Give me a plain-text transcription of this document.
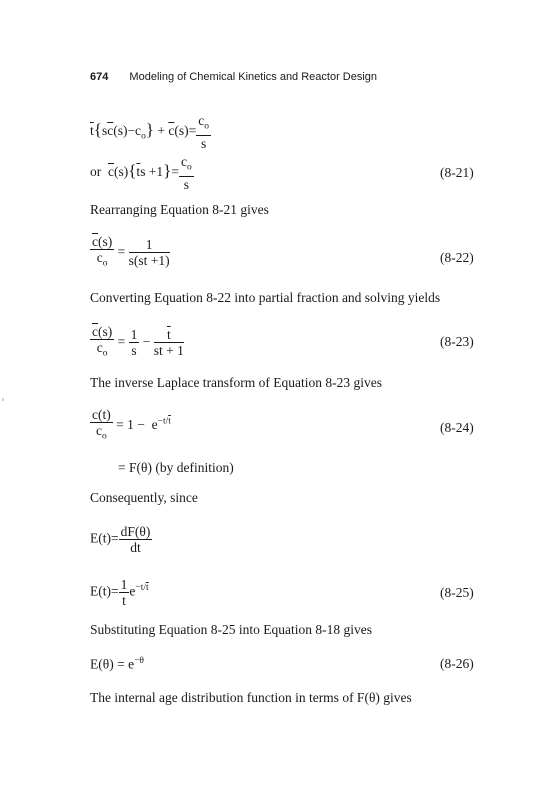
674 Modeling of Chemical Kinetics and Reactor Design
$\overline{t}\{s\overline{c}(s)-c_o\} + \overline{c}(s)= \frac{c_o}{s}$
or $\overline{c}(s)\{\overline{t}s +1\}= \frac{c_o}{s}$	(8-21)
Rearranging Equation 8-21 gives
$\frac{\overline{c}(s)}{c_o} = \frac{1}{s(s\overline{t} +1)}$	(8-22)
Converting Equation 8-22 into partial fraction and solving yields
$\frac{\overline{c}(s)}{c_o} = \frac{1}{s} - \frac{\overline{t}}{s\overline{t} + 1}$	(8-23)
The inverse Laplace transform of Equation 8-23 gives
$\frac{c(t)}{c_o} = 1 - e^{-t/\overline{t}}$	(8-24)
= F(θ) (by definition)
Consequently, since
$E(t)= \frac{dF(\theta)}{dt}$
$E(t)= \frac{1}{t} e^{-t/\overline{t}}$	(8-25)
Substituting Equation 8-25 into Equation 8-18 gives
$E(\theta) = e^{-\theta}$	(8-26)
The internal age distribution function in terms of F(θ) gives
